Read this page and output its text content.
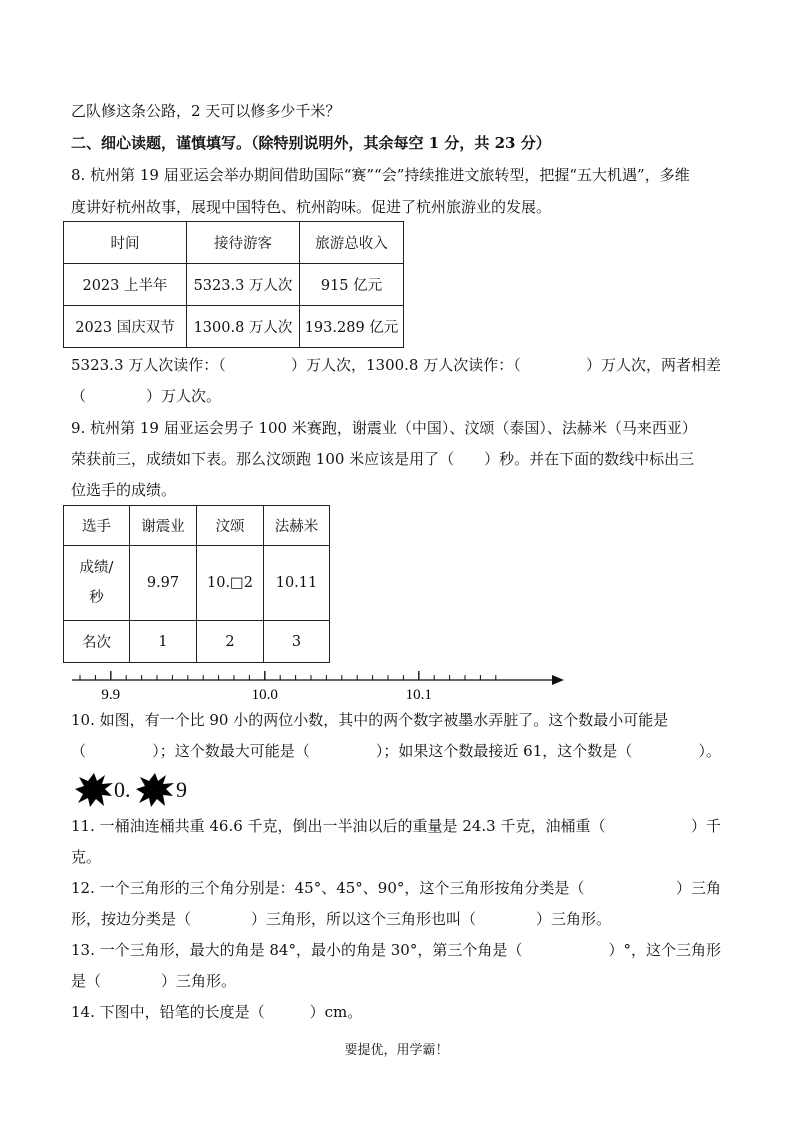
乙队修这条公路，2 天可以修多少千米？
二、细心读题，谨慎填写。（除特别说明外，其余每空 1 分，共 23 分）
8. 杭州第 19 届亚运会举办期间借助国际“赛”“会”持续推进文旅转型，把握“五大机遇”，多维
度讲好杭州故事，展现中国特色、杭州韵味。促进了杭州旅游业的发展。
时间	接待游客	旅游总收入
2023 上半年	5323.3 万人次	915 亿元
2023 国庆双节	1300.8 万人次	193.289 亿元
5323.3 万人次读作：（	）万人次，1300.8 万人次读作：（	）万人次，两者相差
（　　　　）万人次。
9. 杭州第 19 届亚运会男子 100 米赛跑，谢震业（中国）、汶颂（泰国）、法赫米（马来西亚）
荣获前三，成绩如下表。那么汶颂跑 100 米应该是用了（　　）秒。并在下面的数线中标出三
位选手的成绩。
选手	谢震业	汶颂	法赫米
成绩/
秒	9.97	10.□2	10.11
名次	1	2	3
9.9	10.0	10.1
10. 如图，有一个比 90 小的两位小数，其中的两个数字被墨水弄脏了。这个数最小可能是
（	）；这个数最大可能是（	）；如果这个数最接近 61，这个数是（	）。
0. 9
11. 一桶油连桶共重 46.6 千克，倒出一半油以后的重量是 24.3 千克，油桶重（	）千
克。
12. 一个三角形的三个角分别是：45°、45°、90°，这个三角形按角分类是（	）三角
形，按边分类是（　　　　）三角形，所以这个三角形也叫（　　　　）三角形。
13. 一个三角形，最大的角是 84°，最小的角是 30°，第三个角是（	）°，这个三角形
是（　　　　）三角形。
14. 下图中，铅笔的长度是（　　　）cm。
要提优，用学霸！
